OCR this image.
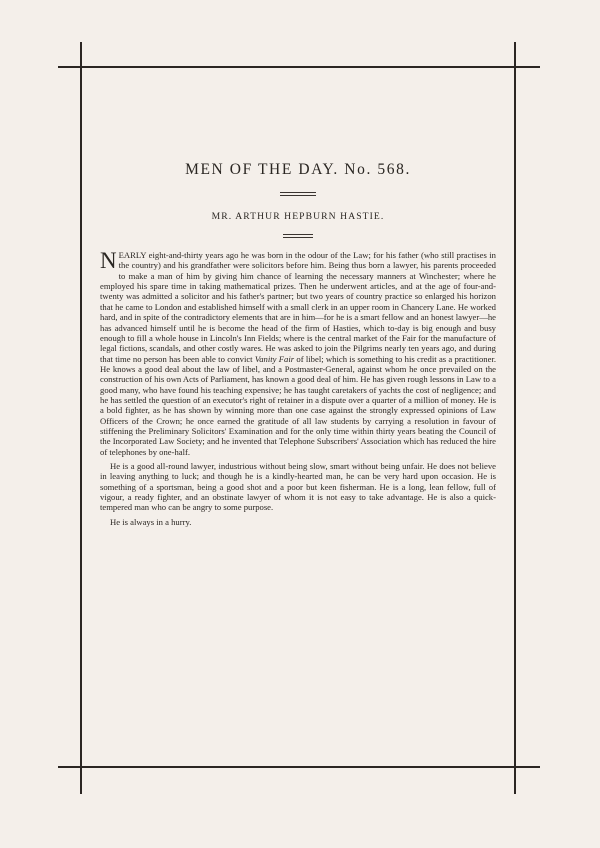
MEN OF THE DAY. No. 568.
MR. ARTHUR HEPBURN HASTIE.

NEARLY eight-and-thirty years ago he was born in the odour of the Law; for his father (who still practises in the country) and his grandfather were solicitors before him. Being thus born a lawyer, his parents proceeded to make a man of him by giving him chance of learning the necessary manners at Winchester; where he employed his spare time in taking mathematical prizes. Then he underwent articles, and at the age of four-and-twenty was admitted a solicitor and his father's partner; but two years of country practice so enlarged his horizon that he came to London and established himself with a small clerk in an upper room in Chancery Lane. He worked hard, and in spite of the contradictory elements that are in him—for he is a smart fellow and an honest lawyer—he has advanced himself until he is become the head of the firm of Hasties, which to-day is big enough and busy enough to fill a whole house in Lincoln's Inn Fields; where is the central market of the Fair for the manufacture of legal fictions, scandals, and other costly wares. He was asked to join the Pilgrims nearly ten years ago, and during that time no person has been able to convict Vanity Fair of libel; which is something to his credit as a practitioner. He knows a good deal about the law of libel, and a Postmaster-General, against whom he once prevailed on the construction of his own Acts of Parliament, has known a good deal of him. He has given rough lessons in Law to a good many, who have found his teaching expensive; he has taught caretakers of yachts the cost of negligence; and he has settled the question of an executor's right of retainer in a dispute over a quarter of a million of money. He is a bold fighter, as he has shown by winning more than one case against the strongly expressed opinions of Law Officers of the Crown; he once earned the gratitude of all law students by carrying a resolution in favour of stiffening the Preliminary Solicitors' Examination and for the only time within thirty years beating the Council of the Incorporated Law Society; and he invented that Telephone Subscribers' Association which has reduced the hire of telephones by one-half.

He is a good all-round lawyer, industrious without being slow, smart without being unfair. He does not believe in leaving anything to luck; and though he is a kindly-hearted man, he can be very hard upon occasion. He is something of a sportsman, being a good shot and a poor but keen fisherman. He is a long, lean fellow, full of vigour, a ready fighter, and an obstinate lawyer of whom it is not easy to take advantage. He is also a quick-tempered man who can be angry to some purpose.

He is always in a hurry.
